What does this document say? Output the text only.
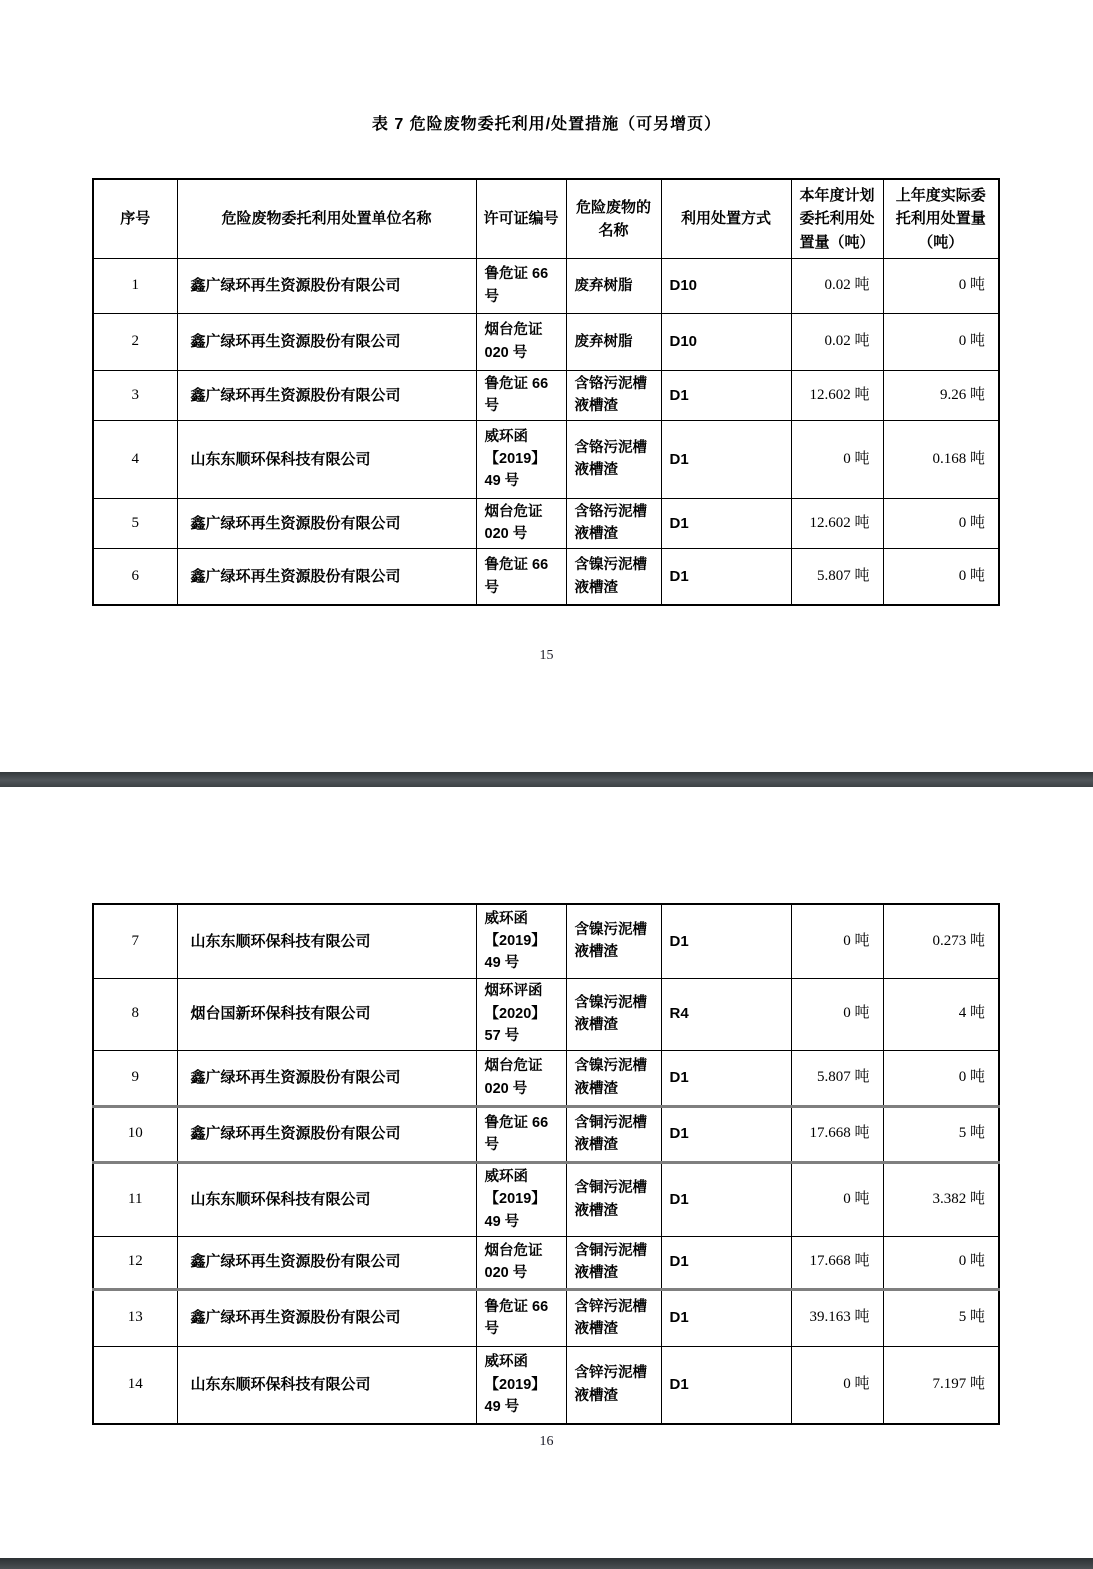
表 7 危险废物委托利用/处置措施（可另增页）
序号	危险废物委托利用处置单位名称	许可证编号	危险废物的名称	利用处置方式	本年度计划委托利用处置量（吨）	上年度实际委托利用处置量（吨）
1	鑫广绿环再生资源股份有限公司	鲁危证 66 号	废弃树脂	D10	0.02 吨	0 吨
2	鑫广绿环再生资源股份有限公司	烟台危证 020 号	废弃树脂	D10	0.02 吨	0 吨
3	鑫广绿环再生资源股份有限公司	鲁危证 66 号	含铬污泥槽液槽渣	D1	12.602 吨	9.26 吨
4	山东东顺环保科技有限公司	威环函【2019】49 号	含铬污泥槽液槽渣	D1	0 吨	0.168 吨
5	鑫广绿环再生资源股份有限公司	烟台危证 020 号	含铬污泥槽液槽渣	D1	12.602 吨	0 吨
6	鑫广绿环再生资源股份有限公司	鲁危证 66 号	含镍污泥槽液槽渣	D1	5.807 吨	0 吨
15
7	山东东顺环保科技有限公司	威环函【2019】49 号	含镍污泥槽液槽渣	D1	0 吨	0.273 吨
8	烟台国新环保科技有限公司	烟环评函【2020】57 号	含镍污泥槽液槽渣	R4	0 吨	4 吨
9	鑫广绿环再生资源股份有限公司	烟台危证 020 号	含镍污泥槽液槽渣	D1	5.807 吨	0 吨
10	鑫广绿环再生资源股份有限公司	鲁危证 66 号	含铜污泥槽液槽渣	D1	17.668 吨	5 吨
11	山东东顺环保科技有限公司	威环函【2019】49 号	含铜污泥槽液槽渣	D1	0 吨	3.382 吨
12	鑫广绿环再生资源股份有限公司	烟台危证 020 号	含铜污泥槽液槽渣	D1	17.668 吨	0 吨
13	鑫广绿环再生资源股份有限公司	鲁危证 66 号	含锌污泥槽液槽渣	D1	39.163 吨	5 吨
14	山东东顺环保科技有限公司	威环函【2019】49 号	含锌污泥槽液槽渣	D1	0 吨	7.197 吨
16
